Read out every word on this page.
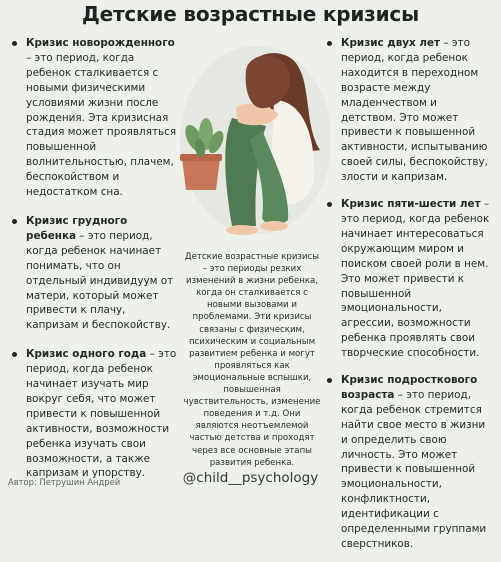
Детские возрастные кризисы
Кризис новорожденного – это период, когда ребенок сталкивается с новыми физическими условиями жизни после рождения. Эта кризисная стадия может проявляться повышенной волнительностью, плачем, беспокойством и недостатком сна.
Кризис грудного ребенка – это период, когда ребенок начинает понимать, что он отдельный индивидуум от матери, который может привести к плачу, капризам и беспокойству.
Кризис одного года – это период, когда ребенок начинает изучать мир вокруг себя, что может привести к повышенной активности, возможности ребенка изучать свои возможности, а также капризам и упорству.
Кризис двух лет – это период, когда ребенок находится в переходном возрасте между младенчеством и детством. Это может привести к повышенной активности, испытыванию своей силы, беспокойству, злости и капризам.
Кризис пяти-шести лет – это период, когда ребенок начинает интересоваться окружающим миром и поиском своей роли в нем. Это может привести к повышенной эмоциональности, агрессии, возможности ребенка проявлять свои творческие способности.
Кризис подросткового возраста – это период, когда ребенок стремится найти свое место в жизни и определить свою личность. Это может привести к повышенной эмоциональности, конфликтности, идентификации с определенными группами сверстников.
Детские возрастные кризисы – это периоды резких изменений в жизни ребенка, когда он сталкивается с новыми вызовами и проблемами. Эти кризисы связаны с физическим, психическим и социальным развитием ребенка и могут проявляться как эмоциональные вспышки, повышенная чувствительность, изменение поведения и т.д. Они являются неотъемлемой частью детства и проходят через все основные этапы развития ребенка.
Автор: Петрушин Андрей	@child__psychology
